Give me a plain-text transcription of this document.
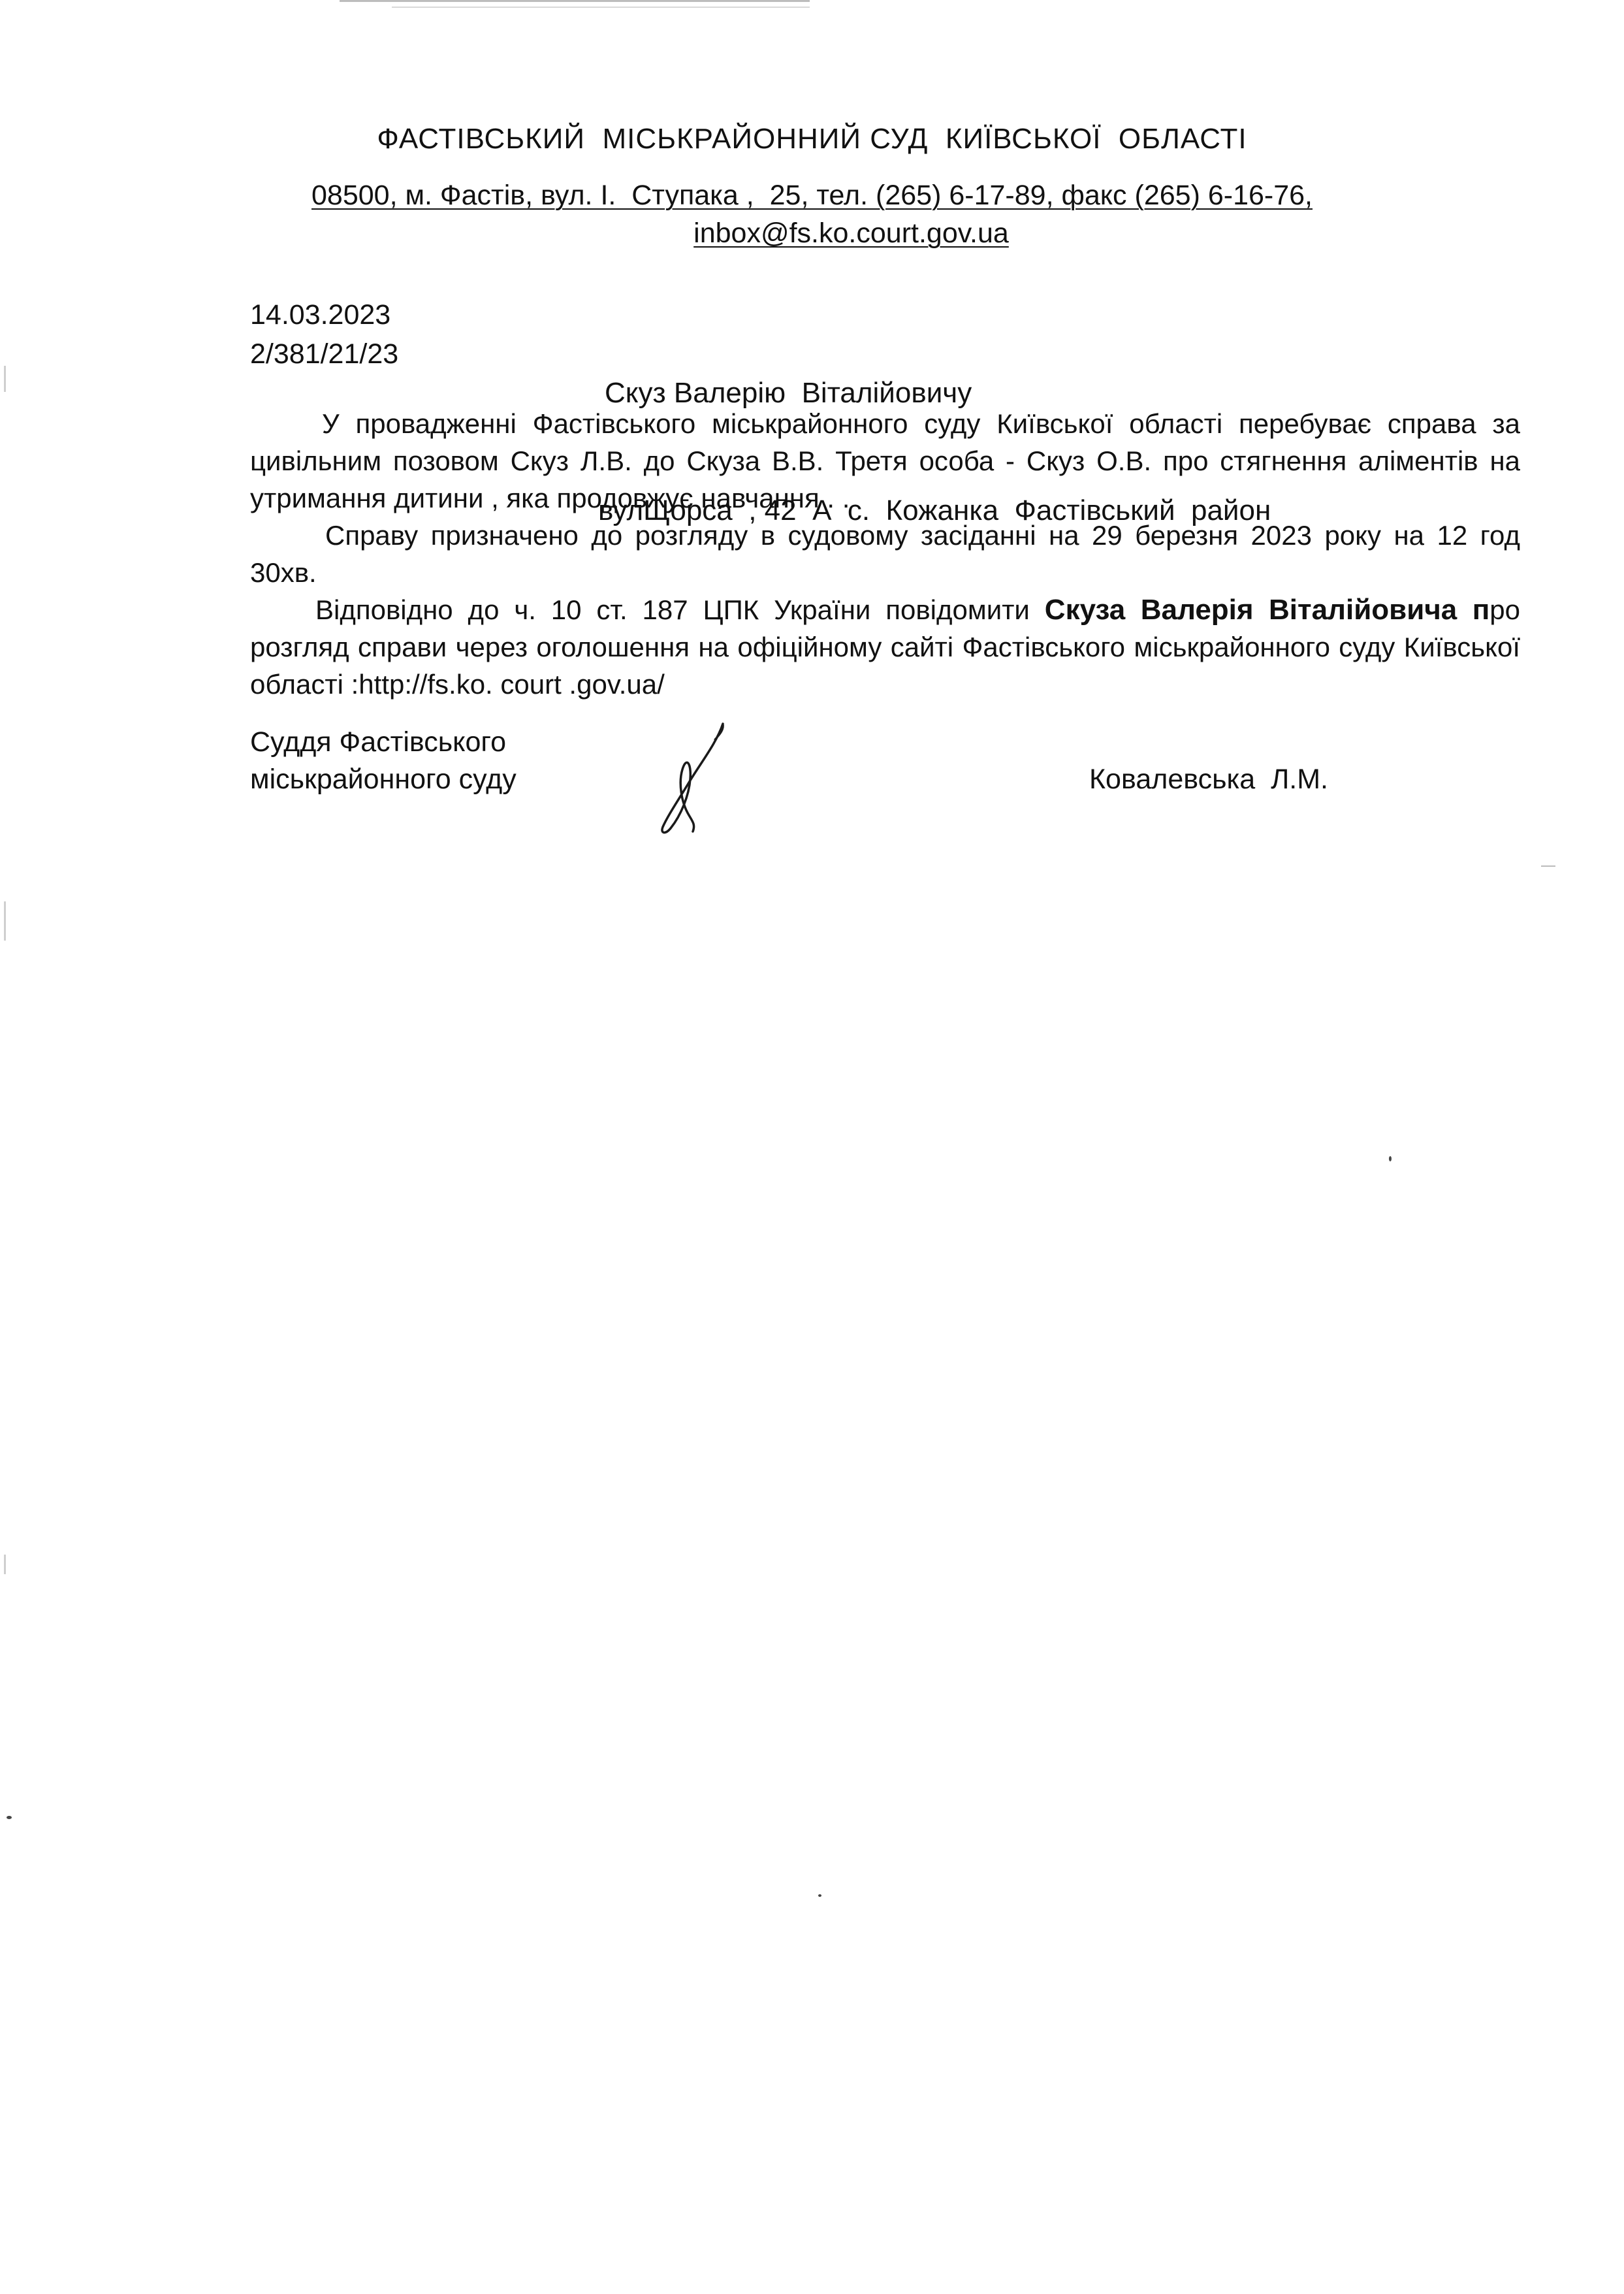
ФАСТІВСЬКИЙ  МІСЬКРАЙОННИЙ СУД  КИЇВСЬКОЇ  ОБЛАСТІ
08500, м. Фастів, вул. І.  Ступака ,  25, тел. (265) 6-17-89, факс (265) 6-16-76,
inbox@fs.ko.court.gov.ua
14.03.2023
2/381/21/23

Скуз Валерію  Віталійовичу

вулЩорса  , 42  А  с.  Кожанка  Фастівський  район

У провадженні Фастівського міськрайонного суду Київської області перебуває справа за цивільним позовом Скуз Л.В. до Скуза В.В. Третя особа - Скуз О.В. про стягнення аліментів на утримання дитини , яка продовжує навчання . .

Справу призначено до розгляду в судовому засіданні на 29 березня 2023 року на 12 год 30хв.

Відповідно до ч. 10 ст. 187 ЦПК України повідомити Скуза Валерія Віталійовича про розгляд справи через оголошення на офіційному сайті Фастівського міськрайонного суду Київської області :http://fs.ko. court .gov.ua/

Суддя Фастівського
міськрайонного суду	Ковалевська  Л.М.
